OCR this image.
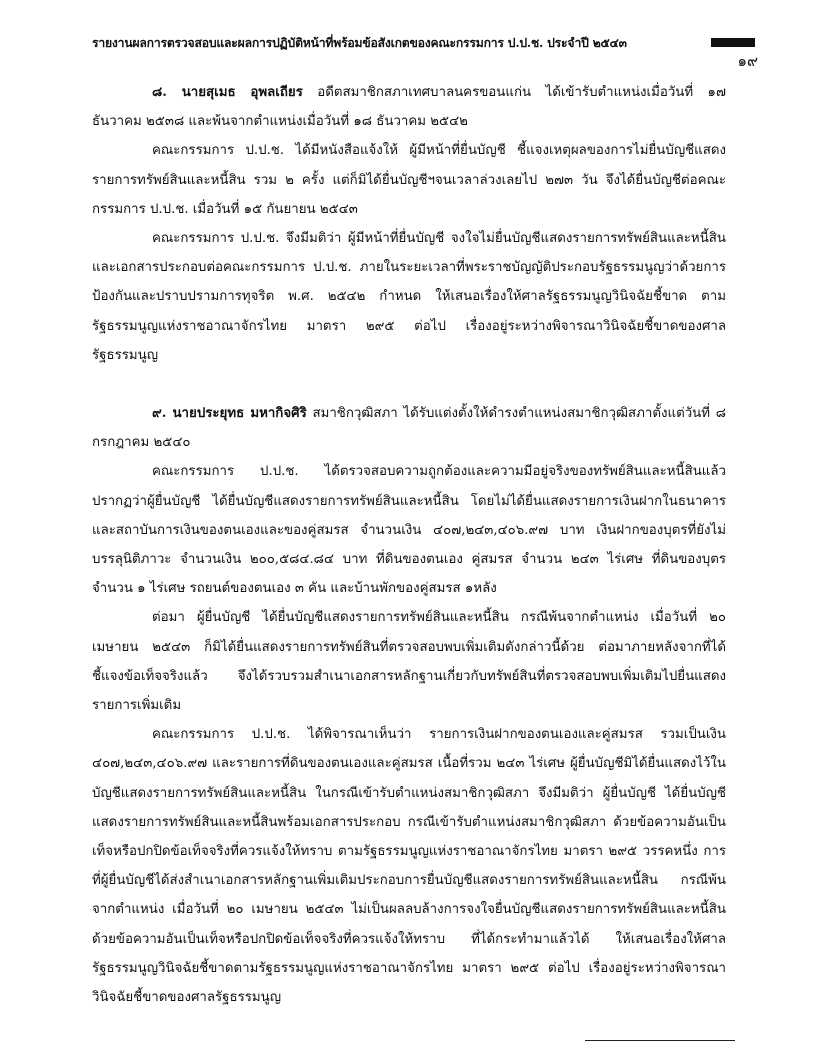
รายงานผลการตรวจสอบและผลการปฏิบัติหน้าที่พร้อมข้อสังเกตของคณะกรรมการ ป.ป.ช. ประจำปี ๒๕๔๓
๑๙

๘. นายสุเมธ อุพลเถียร อดีตสมาชิกสภาเทศบาลนครขอนแก่น ได้เข้ารับตำแหน่งเมื่อวันที่ ๑๗ ธันวาคม ๒๕๓๘ และพ้นจากตำแหน่งเมื่อวันที่ ๑๘ ธันวาคม ๒๕๔๒

คณะกรรมการ ป.ป.ช. ได้มีหนังสือแจ้งให้ ผู้มีหน้าที่ยื่นบัญชี ชี้แจงเหตุผลของการไม่ยื่นบัญชีแสดงรายการทรัพย์สินและหนี้สิน รวม ๒ ครั้ง แต่ก็มิได้ยื่นบัญชีฯจนเวลาล่วงเลยไป ๒๗๓ วัน จึงได้ยื่นบัญชีต่อคณะกรรมการ ป.ป.ช. เมื่อวันที่ ๑๕ กันยายน ๒๕๔๓

คณะกรรมการ ป.ป.ช. จึงมีมติว่า ผู้มีหน้าที่ยื่นบัญชี จงใจไม่ยื่นบัญชีแสดงรายการทรัพย์สินและหนี้สินและเอกสารประกอบต่อคณะกรรมการ ป.ป.ช. ภายในระยะเวลาที่พระราชบัญญัติประกอบรัฐธรรมนูญว่าด้วยการป้องกันและปราบปรามการทุจริต พ.ศ. ๒๕๔๒ กำหนด ให้เสนอเรื่องให้ศาลรัฐธรรมนูญวินิจฉัยชี้ขาด ตามรัฐธรรมนูญแห่งราชอาณาจักรไทย มาตรา ๒๙๕ ต่อไป เรื่องอยู่ระหว่างพิจารณาวินิจฉัยชี้ขาดของศาลรัฐธรรมนูญ

๙. นายประยุทธ มหากิจศิริ สมาชิกวุฒิสภา ได้รับแต่งตั้งให้ดำรงตำแหน่งสมาชิกวุฒิสภาตั้งแต่วันที่ ๘ กรกฎาคม ๒๕๔๐

คณะกรรมการ ป.ป.ช. ได้ตรวจสอบความถูกต้องและความมีอยู่จริงของทรัพย์สินและหนี้สินแล้ว ปรากฏว่าผู้ยื่นบัญชี ได้ยื่นบัญชีแสดงรายการทรัพย์สินและหนี้สิน โดยไม่ได้ยื่นแสดงรายการเงินฝากในธนาคารและสถาบันการเงินของตนเองและของคู่สมรส จำนวนเงิน ๔๐๗,๒๔๓,๔๐๖.๙๗ บาท เงินฝากของบุตรที่ยังไม่บรรลุนิติภาวะ จำนวนเงิน ๒๐๐,๕๘๔.๘๔ บาท ที่ดินของตนเอง คู่สมรส จำนวน ๒๔๓ ไร่เศษ ที่ดินของบุตร จำนวน ๑ ไร่เศษ รถยนต์ของตนเอง ๓ คัน และบ้านพักของคู่สมรส ๑หลัง

ต่อมา ผู้ยื่นบัญชี ได้ยื่นบัญชีแสดงรายการทรัพย์สินและหนี้สิน กรณีพ้นจากตำแหน่ง เมื่อวันที่ ๒๐ เมษายน ๒๕๔๓ ก็มิได้ยื่นแสดงรายการทรัพย์สินที่ตรวจสอบพบเพิ่มเติมดังกล่าวนี้ด้วย ต่อมาภายหลังจากที่ได้ชี้แจงข้อเท็จจริงแล้ว จึงได้รวบรวมสำเนาเอกสารหลักฐานเกี่ยวกับทรัพย์สินที่ตรวจสอบพบเพิ่มเติมไปยื่นแสดงรายการเพิ่มเติม

คณะกรรมการ ป.ป.ช. ได้พิจารณาเห็นว่า รายการเงินฝากของตนเองและคู่สมรส รวมเป็นเงิน ๔๐๗,๒๔๓,๔๐๖.๙๗ และรายการที่ดินของตนเองและคู่สมรส เนื้อที่รวม ๒๔๓ ไร่เศษ ผู้ยื่นบัญชีมิได้ยื่นแสดงไว้ในบัญชีแสดงรายการทรัพย์สินและหนี้สิน ในกรณีเข้ารับตำแหน่งสมาชิกวุฒิสภา จึงมีมติว่า ผู้ยื่นบัญชี ได้ยื่นบัญชีแสดงรายการทรัพย์สินและหนี้สินพร้อมเอกสารประกอบ กรณีเข้ารับตำแหน่งสมาชิกวุฒิสภา ด้วยข้อความอันเป็นเท็จหรือปกปิดข้อเท็จจริงที่ควรแจ้งให้ทราบ ตามรัฐธรรมนูญแห่งราชอาณาจักรไทย มาตรา ๒๙๕ วรรคหนึ่ง การที่ผู้ยื่นบัญชีได้ส่งสำเนาเอกสารหลักฐานเพิ่มเติมประกอบการยื่นบัญชีแสดงรายการทรัพย์สินและหนี้สิน กรณีพ้นจากตำแหน่ง เมื่อวันที่ ๒๐ เมษายน ๒๕๔๓ ไม่เป็นผลลบล้างการจงใจยื่นบัญชีแสดงรายการทรัพย์สินและหนี้สิน ด้วยข้อความอันเป็นเท็จหรือปกปิดข้อเท็จจริงที่ควรแจ้งให้ทราบ ที่ได้กระทำมาแล้วได้ ให้เสนอเรื่องให้ศาลรัฐธรรมนูญวินิจฉัยชี้ขาดตามรัฐธรรมนูญแห่งราชอาณาจักรไทย มาตรา ๒๙๕ ต่อไป เรื่องอยู่ระหว่างพิจารณาวินิจฉัยชี้ขาดของศาลรัฐธรรมนูญ
